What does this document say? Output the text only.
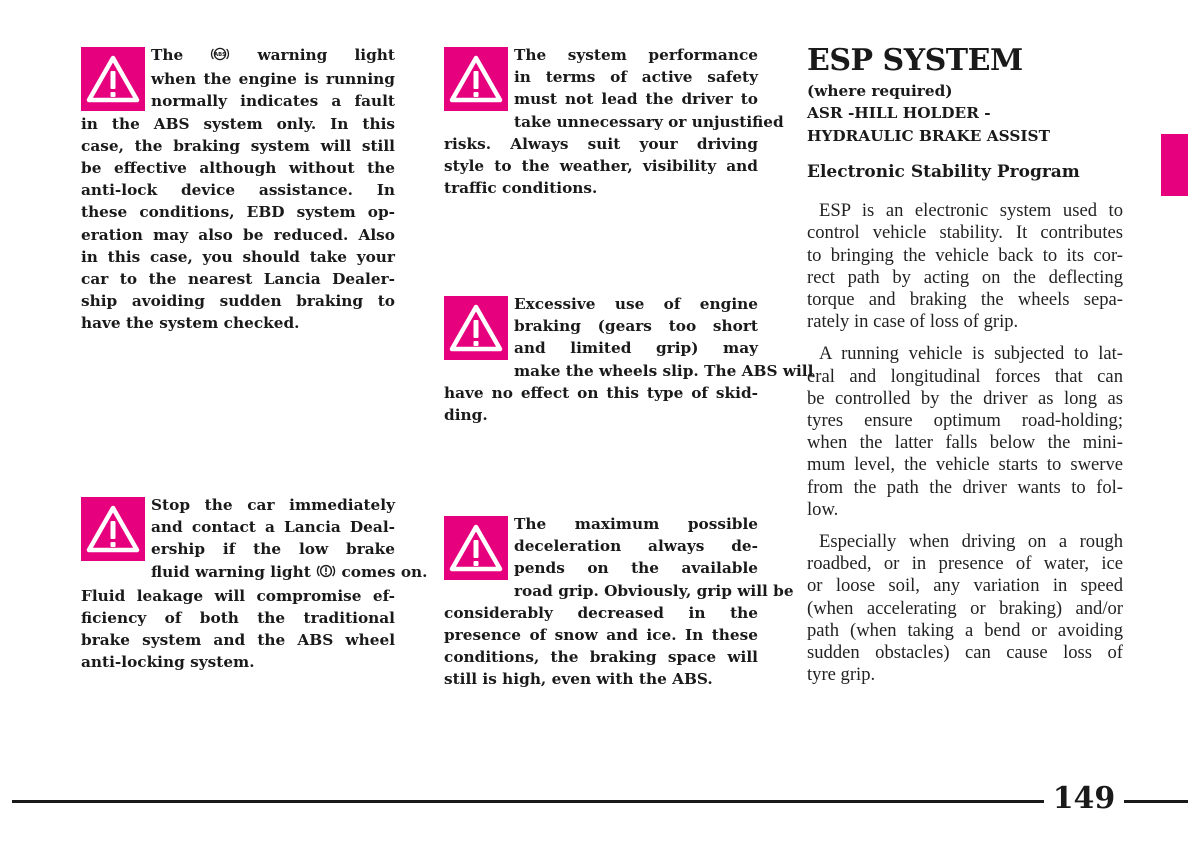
The ABS warning light
when the engine is running
normally indicates a fault
in the ABS system only. In this
case, the braking system will still
be effective although without the
anti-lock device assistance. In
these conditions, EBD system op-
eration may also be reduced. Also
in this case, you should take your
car to the nearest Lancia Dealer-
ship avoiding sudden braking to
have the system checked.
Stop the car immediately
and contact a Lancia Deal-
ership if the low brake
fluid warning light  comes on.
Fluid leakage will compromise ef-
ficiency of both the traditional
brake system and the ABS wheel
anti-locking system.
The system performance
in terms of active safety
must not lead the driver to
take unnecessary or unjustified
risks. Always suit your driving
style to the weather, visibility and
traffic conditions.
Excessive use of engine
braking (gears too short
and limited grip) may
make the wheels slip. The ABS will
have no effect on this type of skid-
ding.
The maximum possible
deceleration always de-
pends on the available
road grip. Obviously, grip will be
considerably decreased in the
presence of snow and ice. In these
conditions, the braking space will
still is high, even with the ABS.
ESP SYSTEM
(where required)
ASR -HILL HOLDER -
HYDRAULIC BRAKE ASSIST
Electronic Stability Program
ESP is an electronic system used to
control vehicle stability. It contributes
to bringing the vehicle back to its cor-
rect path by acting on the deflecting
torque and braking the wheels sepa-
rately in case of loss of grip.
A running vehicle is subjected to lat-
eral and longitudinal forces that can
be controlled by the driver as long as
tyres ensure optimum road-holding;
when the latter falls below the mini-
mum level, the vehicle starts to swerve
from the path the driver wants to fol-
low.
Especially when driving on a rough
roadbed, or in presence of water, ice
or loose soil, any variation in speed
(when accelerating or braking) and/or
path (when taking a bend or avoiding
sudden obstacles) can cause loss of
tyre grip.
149
